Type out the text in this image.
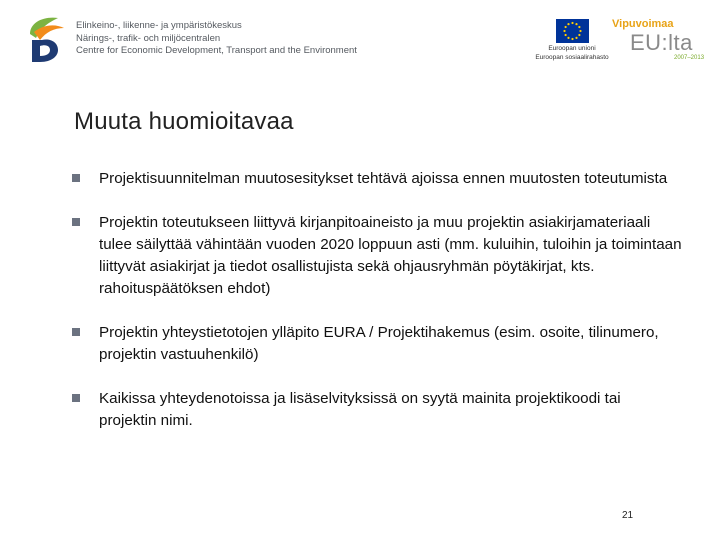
Elinkeino-, liikenne- ja ympäristökeskus
Närings-, trafik- och miljöcentralen
Centre for Economic Development, Transport and the Environment	Euroopan unioni
Euroopan sosiaalirahasto
Vipuvoimaa
EU:lta
2007–2013
Muuta huomioitavaa
Projektisuunnitelman muutosesitykset tehtävä ajoissa ennen muutosten toteutumista
Projektin toteutukseen liittyvä kirjanpitoaineisto ja muu projektin asiakirjamateriaali tulee säilyttää vähintään vuoden 2020 loppuun asti (mm. kuluihin, tuloihin ja toimintaan liittyvät asiakirjat ja tiedot osallistujista sekä ohjausryhmän pöytäkirjat, kts. rahoituspäätöksen ehdot)
Projektin yhteystietotojen ylläpito EURA / Projektihakemus (esim. osoite, tilinumero, projektin vastuuhenkilö)
Kaikissa yhteydenotoissa ja lisäselvityksissä on syytä mainita projektikoodi tai projektin nimi.
21
